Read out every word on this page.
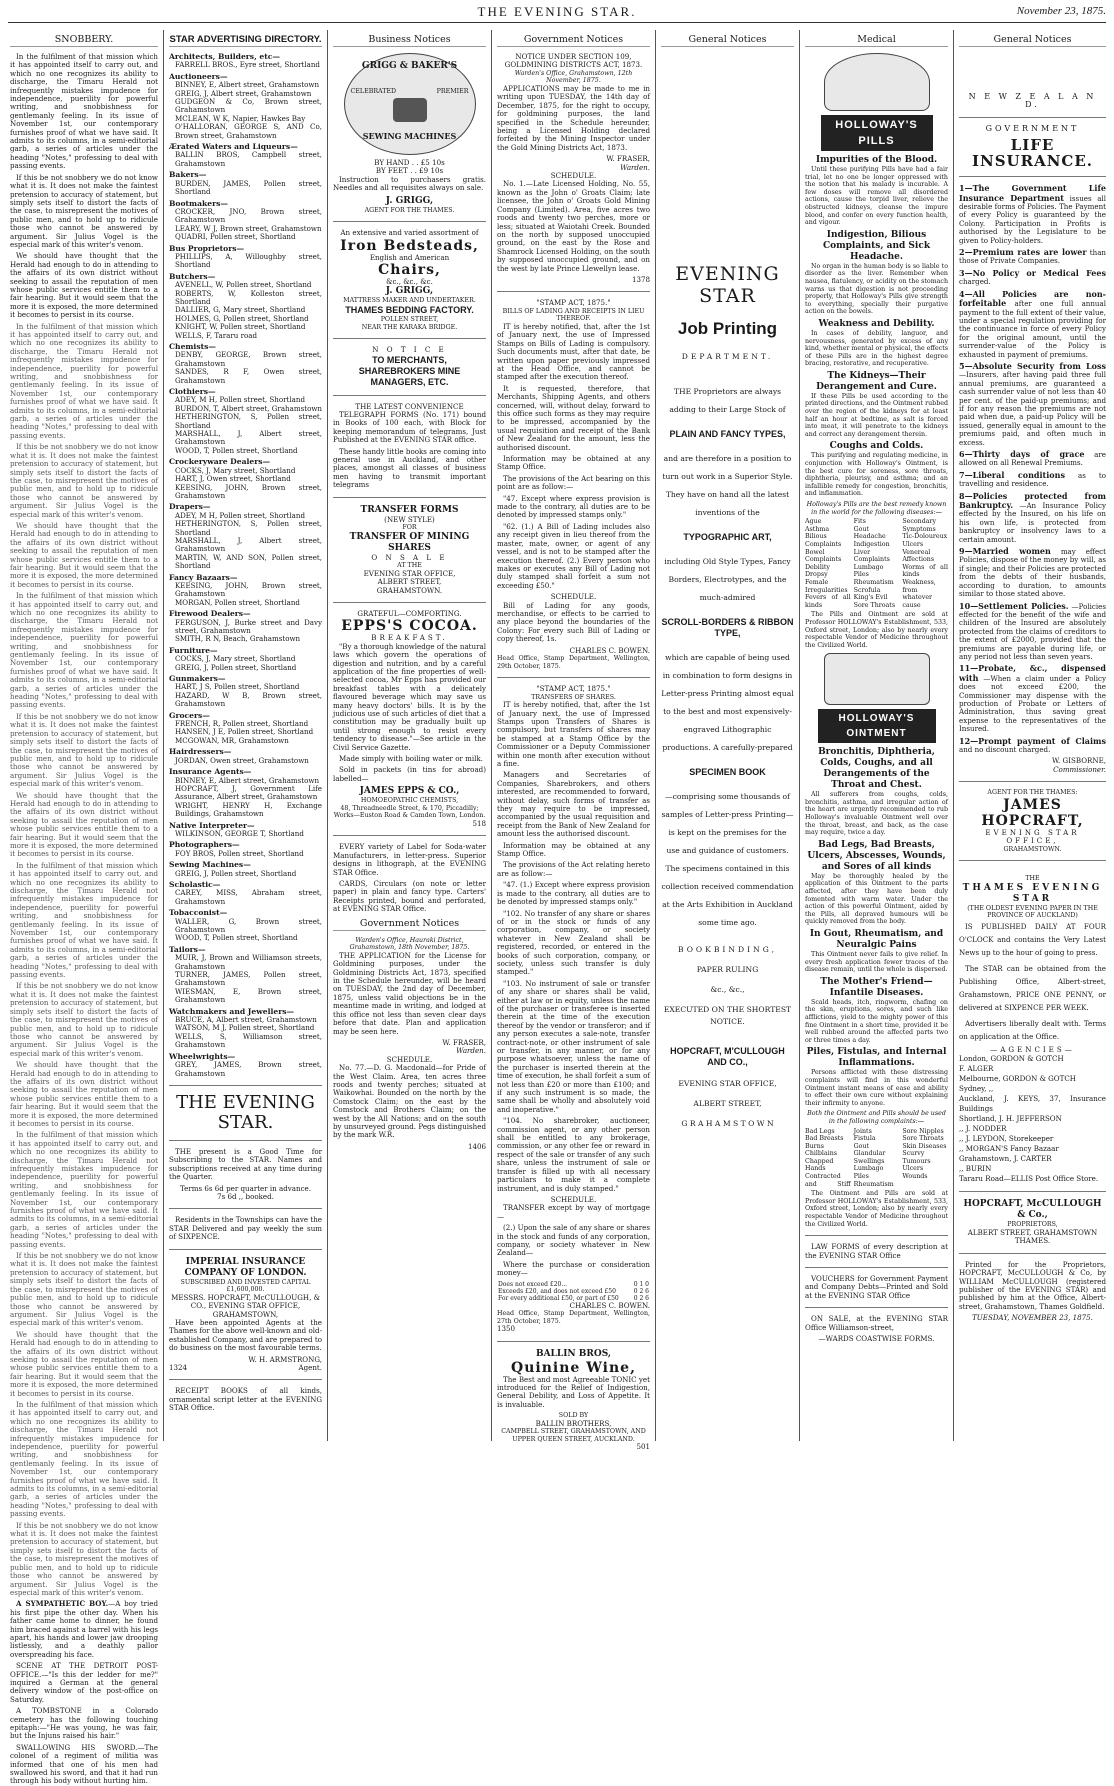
THE EVENING STAR.	November 23, 1875.
SNOBBERY.

In the fulfilment of that mission which it has appointed itself to carry out, and which no one recognizes its ability to discharge, the Timaru Herald not infrequently mistakes impudence for independence, puerility for powerful writing, and snobbishness for gentlemanly feeling. In its issue of November 1st, our contemporary furnishes proof of what we have said. It admits to its columns, in a semi-editorial garb, a series of articles under the heading "Notes," professing to deal with passing events.

If this be not snobbery we do not know what it is. It does not make the faintest pretension to accuracy of statement, but simply sets itself to distort the facts of the case, to misrepresent the motives of public men, and to hold up to ridicule those who cannot be answered by argument. Sir Julius Vogel is the especial mark of this writer's venom.

We should have thought that the Herald had enough to do in attending to the affairs of its own district without seeking to assail the reputation of men whose public services entitle them to a fair hearing. But it would seem that the more it is exposed, the more determined it becomes to persist in its course.

In the fulfilment of that mission which it has appointed itself to carry out, and which no one recognizes its ability to discharge, the Timaru Herald not infrequently mistakes impudence for independence, puerility for powerful writing, and snobbishness for gentlemanly feeling. In its issue of November 1st, our contemporary furnishes proof of what we have said. It admits to its columns, in a semi-editorial garb, a series of articles under the heading "Notes," professing to deal with passing events.

If this be not snobbery we do not know what it is. It does not make the faintest pretension to accuracy of statement, but simply sets itself to distort the facts of the case, to misrepresent the motives of public men, and to hold up to ridicule those who cannot be answered by argument. Sir Julius Vogel is the especial mark of this writer's venom.

We should have thought that the Herald had enough to do in attending to the affairs of its own district without seeking to assail the reputation of men whose public services entitle them to a fair hearing. But it would seem that the more it is exposed, the more determined it becomes to persist in its course.

In the fulfilment of that mission which it has appointed itself to carry out, and which no one recognizes its ability to discharge, the Timaru Herald not infrequently mistakes impudence for independence, puerility for powerful writing, and snobbishness for gentlemanly feeling. In its issue of November 1st, our contemporary furnishes proof of what we have said. It admits to its columns, in a semi-editorial garb, a series of articles under the heading "Notes," professing to deal with passing events.

If this be not snobbery we do not know what it is. It does not make the faintest pretension to accuracy of statement, but simply sets itself to distort the facts of the case, to misrepresent the motives of public men, and to hold up to ridicule those who cannot be answered by argument. Sir Julius Vogel is the especial mark of this writer's venom.

We should have thought that the Herald had enough to do in attending to the affairs of its own district without seeking to assail the reputation of men whose public services entitle them to a fair hearing. But it would seem that the more it is exposed, the more determined it becomes to persist in its course.

In the fulfilment of that mission which it has appointed itself to carry out, and which no one recognizes its ability to discharge, the Timaru Herald not infrequently mistakes impudence for independence, puerility for powerful writing, and snobbishness for gentlemanly feeling. In its issue of November 1st, our contemporary furnishes proof of what we have said. It admits to its columns, in a semi-editorial garb, a series of articles under the heading "Notes," professing to deal with passing events.

If this be not snobbery we do not know what it is. It does not make the faintest pretension to accuracy of statement, but simply sets itself to distort the facts of the case, to misrepresent the motives of public men, and to hold up to ridicule those who cannot be answered by argument. Sir Julius Vogel is the especial mark of this writer's venom.

We should have thought that the Herald had enough to do in attending to the affairs of its own district without seeking to assail the reputation of men whose public services entitle them to a fair hearing. But it would seem that the more it is exposed, the more determined it becomes to persist in its course.

In the fulfilment of that mission which it has appointed itself to carry out, and which no one recognizes its ability to discharge, the Timaru Herald not infrequently mistakes impudence for independence, puerility for powerful writing, and snobbishness for gentlemanly feeling. In its issue of November 1st, our contemporary furnishes proof of what we have said. It admits to its columns, in a semi-editorial garb, a series of articles under the heading "Notes," professing to deal with passing events.

If this be not snobbery we do not know what it is. It does not make the faintest pretension to accuracy of statement, but simply sets itself to distort the facts of the case, to misrepresent the motives of public men, and to hold up to ridicule those who cannot be answered by argument. Sir Julius Vogel is the especial mark of this writer's venom.

We should have thought that the Herald had enough to do in attending to the affairs of its own district without seeking to assail the reputation of men whose public services entitle them to a fair hearing. But it would seem that the more it is exposed, the more determined it becomes to persist in its course.

In the fulfilment of that mission which it has appointed itself to carry out, and which no one recognizes its ability to discharge, the Timaru Herald not infrequently mistakes impudence for independence, puerility for powerful writing, and snobbishness for gentlemanly feeling. In its issue of November 1st, our contemporary furnishes proof of what we have said. It admits to its columns, in a semi-editorial garb, a series of articles under the heading "Notes," professing to deal with passing events.

If this be not snobbery we do not know what it is. It does not make the faintest pretension to accuracy of statement, but simply sets itself to distort the facts of the case, to misrepresent the motives of public men, and to hold up to ridicule those who cannot be answered by argument. Sir Julius Vogel is the especial mark of this writer's venom.

A SYMPATHETIC BOY.—A boy tried his first pipe the other day. When his father came home to dinner, he found him braced against a barrel with his legs apart, his hands and lower jaw drooping listlessly, and a deathly pallor overspreading his face.

SCENE AT THE DETROIT POST-OFFICE.—"Is this der ledder for me?" inquired a German at the general delivery window of the post-office on Saturday.

A TOMBSTONE in a Colorado cemetery has the following touching epitaph:—"He was young, he was fair, but the Injuns raised his hair."

SWALLOWING HIS SWORD.—The colonel of a regiment of militia was informed that one of his men had swallowed his sword, and that it had run through his body without hurting him.

STAR ADVERTISING DIRECTORY.
Architects, Builders, etc—
FARRELL BROS., Eyre street, Shortland
Auctioneers—
BINNEY, E, Albert street, Grahamstown
GREIG, J, Albert street, Grahamstown
GUDGEON & Co, Brown street, Grahamstown
MCLEAN, W K, Napier, Hawkes Bay
O'HALLORAN, GEORGE S, AND Co, Brown street, Grahamstown
Ærated Waters and Liqueurs—
BALLIN BROS, Campbell street, Grahamstown
Bakers—
BURDEN, JAMES, Pollen street, Shortland
Bootmakers—
CROCKER, JNO, Brown street, Grahamstown
LEARY, W J, Brown street, Grahamstown
QUADRI, Pollen street, Shortland
Bus Proprietors—
PHILLIPS, A, Willoughby street, Shortland
Butchers—
AVENELL, W, Pollen street, Shortland
ROBERTS, W, Kolleston street, Shortland
DALLIER, G, Mary street, Shortland
HOLMES, G, Pollen street, Shortland
KNIGHT, W, Pollen street, Shortland
WELLS, F, Tararu road
Chemists—
DENBY, GEORGE, Brown street, Grahamstown
SANDES, R F, Owen street, Grahamstown
Clothiers—
ADEY, M H, Pollen street, Shortland
BURDON, T, Albert street, Grahamstown
HETHERINGTON, S, Pollen street, Shortland
MARSHALL, J, Albert street, Grahamstown
WOOD, T, Pollen street, Shortland
Crockeryware Dealers—
COCKS, J, Mary street, Shortland
HART, J, Owen street, Shortland
KEESING, JOHN, Brown street, Grahamstown
Drapers—
ADEY, M H, Pollen street, Shortland
HETHERINGTON, S, Pollen street, Shortland
MARSHALL, J, Albert street, Grahamstown
MARTIN, W, AND SON, Pollen street, Shortland
Fancy Bazaars—
KEESING, JOHN, Brown street, Grahamstown
MORGAN, Pollen street, Shortland
Firewood Dealers—
FERGUSON, J, Burke street and Davy street, Grahamstown
SMITH, R N, Beach, Grahamstown
Furniture—
COCKS, J, Mary street, Shortland
GREIG, J, Pollen street, Shortland
Gunmakers—
HART, J S, Pollen street, Shortland
HAZARD, W B, Brown street, Grahamstown
Grocers—
FRENCH, R, Pollen street, Shortland
HANSEN, J E, Pollen street, Shortland
MCGOWAN, MR, Grahamstown
Hairdressers—
JORDAN, Owen street, Grahamstown
Insurance Agents—
BINNEY, E, Albert street, Grahamstown
HOPCRAFT, J, Government Life Assurance, Albert street, Grahamstown
WRIGHT, HENRY H, Exchange Buildings, Grahamstown
Native Interpreter—
WILKINSON, GEORGE T, Shortland
Photographers—
FOY BROS, Pollen street, Shortland
Sewing Machines—
GREIG, J, Pollen street, Shortland
Scholastic—
CAREY, MISS, Abraham street, Grahamstown
Tobacconist—
WALLER, G, Brown street, Grahamstown
WOOD, T, Pollen street, Shortland
Tailors—
MUIR, J, Brown and Williamson streets, Grahamstown
TURNER, JAMES, Pollen street, Grahamstown
WIESMAN, E, Brown street, Grahamstown
Watchmakers and Jewellers—
BRUCE, A, Albert street, Grahamstown
WATSON, M J, Pollen street, Shortland
WELLS, S, Williamson street, Grahamstown
Wheelwrights—
GREY, JAMES, Brown street, Grahamstown
THE EVENING STAR.

THE present is a Good Time for Subscribing to the STAR. Names and subscriptions received at any time during the Quarter.

Terms 6s 6d per quarter in advance.
7s 6d ,, booked.

Residents in the Townships can have the STAR Delivered and pay weekly the sum of SIXPENCE.

IMPERIAL INSURANCE COMPANY OF LONDON.
SUBSCRIBED AND INVESTED CAPITAL £1,600,000.
MESSRS. HOPCRAFT, McCULLOUGH, & CO., EVENING STAR OFFICE, GRAHAMSTOWN,

Have been appointed Agents at the Thames for the above well-known and old-established Company, and are prepared to do business on the most favourable terms.

W. H. ARMSTRONG,
1324	Agent.

RECEIPT BOOKS of all kinds, ornamental script letter at the EVENING STAR Office.

Business Notices
GRIGG & BAKER'S
CELEBRATED	PREMIER
SEWING MACHINES
BY HAND . . £5 10s
BY FEET . . £9 10s

Instruction to purchasers gratis. Needles and all requisites always on sale.

J. GRIGG,
AGENT FOR THE THAMES.
An extensive and varied assortment of
Iron Bedsteads,
English and American
Chairs,
&c., &c., &c.
J. GRIGG,
MATTRESS MAKER AND UNDERTAKER.
THAMES BEDDING FACTORY.
POLLEN STREET,
NEAR THE KARAKA BRIDGE.
N O T I C E
TO MERCHANTS, SHAREBROKERS MINE MANAGERS, ETC.
THE LATEST CONVENIENCE

TELEGRAPH FORMS (No. 171) bound in Books of 100 each, with Block for keeping memorandum of telegrams, Just Published at the EVENING STAR office.

These handy little books are coming into general use in Auckland, and other places, amongst all classes of business men having to transmit important telegrams

TRANSFER FORMS
(NEW STYLE)
FOR
TRANSFER OF MINING
SHARES
O N S A L E
AT THE
EVENING STAR OFFICE,
ALBERT STREET,
GRAHAMSTOWN.
GRATEFUL—COMFORTING.
EPPS'S COCOA.
BREAKFAST.

"By a thorough knowledge of the natural laws which govern the operations of digestion and nutrition, and by a careful application of the fine properties of well-selected cocoa, Mr Epps has provided our breakfast tables with a delicately flavoured beverage which may save us many heavy doctors' bills. It is by the judicious use of such articles of diet that a constitution may be gradually built up until strong enough to resist every tendency to disease."—See article in the Civil Service Gazette.

Made simply with boiling water or milk.

Sold in packets (in tins for abroad) labelled—

JAMES EPPS & CO.,
HOMOEOPATHIC CHEMISTS,
48, Threadneedle Street, & 170, Piccadilly; Works—Euston Road & Camden Town, London.
518

EVERY variety of Label for Soda-water Manufacturers, in letter-press. Superior designs in lithograph, at the EVENING STAR Office.

CARDS, Circulars (on note or letter paper) in plain and fancy type. Carters' Receipts printed, bound and perforated, at EVENING STAR Office.

Government Notices
Warden's Office, Hauraki District, Grahamstown, 18th November, 1875.

THE APPLICATION for the License for Goldmining purposes, under the Goldmining Districts Act, 1873, specified in the Schedule hereunder, will be heard on TUESDAY, the 2nd day of December, 1875, unless valid objections be in the meantime made in writing, and lodged at this office not less than seven clear days before that date. Plan and application may be seen here.

W. FRASER,
Warden.
SCHEDULE.

No. 77.—D. G. Macdonald—for Pride of the West Claim. Area, ten acres three roods and twenty perches; situated at Waikowhai. Bounded on the north by the Comstock Claim; on the east by the Comstock and Brothers Claim; on the west by the All Nations; and on the south by unsurveyed ground. Pegs distinguished by the mark W.R.

1406
Government Notices
NOTICE UNDER SECTION 109, GOLDMINING DISTRICTS ACT, 1873.
Warden's Office, Grahamstown, 12th November, 1875.

APPLICATIONS may be made to me in writing upon TUESDAY, the 14th day of December, 1875, for the right to occupy, for goldmining purposes, the land specified in the Schedule hereunder, being a Licensed Holding declared forfeited by the Mining Inspector under the Gold Mining Districts Act, 1873.

W. FRASER,
Warden.
SCHEDULE.

No. 1.—Late Licensed Holding, No. 55, known as the John o' Groats Claim; late licensee, the John o' Groats Gold Mining Company (Limited). Area, five acres two roods and twenty two perches, more or less; situated at Waiotahi Creek. Bounded on the north by supposed unoccupied ground, on the east by the Rose and Shamrock Licensed Holding, on the south by supposed unoccupied ground, and on the west by late Prince Llewellyn lease.

1378
"STAMP ACT, 1875."
BILLS OF LADING AND RECEIPTS IN LIEU THEREOF.

IT is hereby notified, that, after the 1st of January next, the use of Impressed Stamps on Bills of Lading is compulsory. Such documents must, after that date, be written upon paper previously impressed at the Head Office, and cannot be stamped after the execution thereof.

It is requested, therefore, that Merchants, Shipping Agents, and others concerned, will, without delay, forward to this office such forms as they may require to be impressed, accompanied by the usual requisition and receipt of the Bank of New Zealand for the amount, less the authorised discount.

Information may be obtained at any Stamp Office.

The provisions of the Act bearing on this point are as follow:—

"47. Except where express provision is made to the contrary, all duties are to be denoted by impressed stamps only."

"62. (1.) A Bill of Lading includes also any receipt given in lieu thereof from the master, mate, owner, or agent of any vessel, and is not to be stamped after the execution thereof. (2.) Every person who makes or executes any Bill of Lading not duly stamped shall forfeit a sum not exceeding £50."

SCHEDULE.

Bill of Lading for any goods, merchandise, or effects to be carried to any place beyond the boundaries of the Colony: For every such Bill of Lading or copy thereof, 1s.

CHARLES C. BOWEN.
Head Office, Stamp Department, Wellington, 29th October, 1875.
"STAMP ACT, 1875."
TRANSFERS OF SHARES.

IT is hereby notified, that, after the 1st of January next, the use of Impressed Stamps upon Transfers of Shares is compulsory, but transfers of shares may be stamped at a Stamp Office by the Commissioner or a Deputy Commissioner within one month after execution without a fine.

Managers and Secretaries of Companies, Sharebrokers, and others interested, are recommended to forward, without delay, such forms of transfer as they may require to be impressed, accompanied by the usual requisition and receipt from the Bank of New Zealand for amount less the authorised discount.

Information may be obtained at any Stamp Office.

The provisions of the Act relating hereto are as follow:—

"47. (1.) Except where express provision is made to the contrary, all duties are to be denoted by impressed stamps only."

"102. No transfer of any share or shares of or in the stock or funds of any corporation, company, or society whatever in New Zealand shall be registered, recorded, or entered in the books of such corporation, company, or society, unless such transfer is duly stamped."

"103. No instrument of sale or transfer of any share or shares shall be valid, either at law or in equity, unless the name of the purchaser or transferee is inserted therein at the time of the execution thereof by the vendor or transferor; and if any person executes a sale-note, transfer contract-note, or other instrument of sale or transfer, in any manner, or for any purpose whatsoever, unless the name of the purchaser is inserted therein at the time of execution, he shall forfeit a sum of not less than £20 or more than £100; and if any such instrument is so made, the same shall be wholly and absolutely void and inoperative."

"104. No sharebroker, auctioneer, commission agent, or any other person shall be entitled to any brokerage, commission, or any other fee or reward in respect of the sale or transfer of any such share, unless the instrument of sale or transfer is filled up with all necessary particulars to make it a complete instrument, and is duly stamped."

SCHEDULE.

TRANSFER except by way of mortgage—

(2.) Upon the sale of any share or shares in the stock and funds of any corporation, company, or society whatever in New Zealand—

Where the purchase or consideration money—

Does not exceed £20...	0 1 0
Exceeds £20, and does not exceed £50	0 2 6
For every additional £50, or part of £50	0 2 6
CHARLES C. BOWEN.
Head Office, Stamp Department, Wellington, 27th October, 1875.
1350
BALLIN BROS,
Quinine Wine,

The Best and most Agreeable TONIC yet introduced for the Relief of Indigestion, General Debility, and Loss of Appetite. It is invaluable.

SOLD BY
BALLIN BROTHERS,
CAMPBELL STREET, GRAHAMSTOWN, AND UPPER QUEEN STREET, AUCKLAND.
501
General Notices
EVENING STAR
Job Printing
DEPARTMENT.

THE Proprietors are always adding to their Large Stock of

PLAIN AND FANCY TYPES,

and are therefore in a position to turn out work in a Superior Style. They have on hand all the latest inventions of the

TYPOGRAPHIC ART,

including Old Style Types, Fancy Borders, Electrotypes, and the much-admired

SCROLL-BORDERS & RIBBON TYPE,

which are capable of being used in combination to form designs in Letter-press Printing almost equal to the best and most expensively-engraved Lithographic productions. A carefully-prepared

SPECIMEN BOOK

—comprising some thousands of samples of Letter-press Printing—is kept on the premises for the use and guidance of customers. The specimens contained in this collection received commendation at the Arts Exhibition in Auckland some time ago.

BOOKBINDING,
PAPER RULING
&c., &c.,
EXECUTED ON THE SHORTEST NOTICE.
HOPCRAFT, M'CULLOUGH AND CO.,
EVENING STAR OFFICE,
ALBERT STREET,
G R A H A M S T O W N
Medical
HOLLOWAY'S PILLS
Impurities of the Blood.

Until these purifying Pills have had a fair trial, let no one be longer oppressed with the notion that his malady is incurable. A few doses will remove all disordered actions, cause the torpid liver, relieve the obstructed kidneys, cleanse the impure blood, and confer on every function health, and vigour.

Indigestion, Bilious Complaints, and Sick Headache.

No organ in the human body is so liable to disorder as the liver. Remember when nausea, flatulency, or acidity on the stomach warns us that digestion is not proceeding properly, that Holloway's Pills give strength to everything, specially their purgative action on the bowels.

Weakness and Debility.

In cases of debility, languor, and nervousness, generated by excess of any kind, whether mental or physical, the effects of these Pills are in the highest degree bracing, restorative, and recuperative.

The Kidneys—Their Derangement and Cure.

If these Pills be used according to the printed directions, and the Ointment rubbed over the region of the kidneys for at least half an hour at bedtime, as salt is forced into meat, it will penetrate to the kidneys and correct any derangement therein.

Coughs and Colds.

This purifying and regulating medicine, in conjunction with Holloway's Ointment, is the best cure for soreness, sore throats, diphtheria, pleurisy, and asthma; and an infallible remedy for congestion, bronchitis, and inflammation.

Holloway's Pills are the best remedy known in the world for the following diseases:—
Ague
Asthma
Bilious Complaints
Bowel Complaints
Debility
Dropsy
Female Irregularities
Fevers of all kinds
Fits
Gout
Headache
Indigestion
Liver Complaints
Lumbago
Piles
Rheumatism
Scrofula
King's Evil
Sore Throats
Secondary Symptoms
Tic-Doloureux
Ulcers
Venereal Affections
Worms of all kinds
Weakness, from whatever cause

The Pills and Ointment are sold at Professor HOLLOWAY's Establishment, 533, Oxford street, London; also by nearly every respectable Vendor of Medicine throughout the Civilized World.

HOLLOWAY'S OINTMENT
Bronchitis, Diphtheria, Colds, Coughs, and all Derangements of the Throat and Chest.

All sufferers from coughs, colds, bronchitis, asthma, and irregular action of the heart are urgently recommended to rub Holloway's invaluable Ointment well over the throat, breast, and back, as the case may require, twice a day.

Bad Legs, Bad Breasts, Ulcers, Abscesses, Wounds, and Sores of all kinds

May be thoroughly healed by the application of this Ointment to the parts affected, after they have been duly fomented with warm water. Under the action of this powerful Ointment, aided by the Pills, all depraved humours will be quickly removed from the body.

In Gout, Rheumatism, and Neuralgic Pains

This Ointment never fails to give relief. In every fresh application fewer traces of the disease remain, until the whole is dispersed.

The Mother's Friend—Infantile Diseases.

Scald heads, itch, ringworm, chafing on the skin, eruptions, sores, and such like afflictions, yield to the mighty power of this fine Ointment in a short time, provided it be well rubbed around the affected parts two or three times a day.

Piles, Fistulas, and Internal Inflammations.

Persons afflicted with these distressing complaints will find in this wonderful Ointment instant means of ease and ability to effect their own cure without explaining their infirmity to anyone.

Both the Ointment and Pills should be used in the following complaints:—
Bad Legs
Bad Breasts
Burns
Chilblains
Chapped Hands
Contracted and Stiff Joints
Fistula
Gout
Glandular Swellings
Lumbago
Piles
Rheumatism
Sore Nipples
Sore Throats
Skin Diseases
Scurvy
Tumours
Ulcers
Wounds

The Ointment and Pills are sold at Professor HOLLOWAY's Establishment, 533, Oxford street, London; also by nearly every respectable Vendor of Medicine throughout the Civilized World.

LAW FORMS of every description at the EVENING STAR Office

VOUCHERS for Government Payment and Company Debts—Printed and Sold at the EVENING STAR Office

ON SALE, at the EVENING STAR Office Williamson-street,

—WARDS COASTWISE FORMS.
General Notices
N E W Z E A L A N D.
GOVERNMENT
LIFE INSURANCE.

1—The Government Life Insurance Department issues all desirable forms of Policies. The Payment of every Policy is guaranteed by the Colony. Participation in Profits is authorised by the Legislature to be given to Policy-holders.

2—Premium rates are lower than those of Private Companies.

3—No Policy or Medical Fees charged.

4—All Policies are non-forfeitable after one full annual payment to the full extent of their value, under a special regulation providing for the continuance in force of every Policy for the original amount, until the surrender-value of the Policy is exhausted in payment of premiums.

5—Absolute Security from Loss —Insurers, after having paid three full annual premiums, are guaranteed a cash surrender value of not less than 40 per cent. of the paid-up premiums; and if for any reason the premiums are not paid when due, a paid-up Policy will be issued, generally equal in amount to the premiums paid, and often much in excess.

6—Thirty days of grace are allowed on all Renewal Premiums.

7—Liberal conditions as to travelling and residence.

8—Policies protected from Bankruptcy. —An Insurance Policy effected by the Insured, on his life on his own life, is protected from bankruptcy or insolvency laws to a certain amount.

9—Married women may effect Policies, dispose of the money by will, as if single; and their Policies are protected from the debts of their husbands, according to duration, to amounts similar to those stated above.

10—Settlement Policies. —Policies effected for the benefit of the wife and children of the Insured are absolutely protected from the claims of creditors to the extent of £2000, provided that the premiums are payable during life, or any period not less than seven years.

11—Probate, &c., dispensed with —When a claim under a Policy does not exceed £200, the Commissioner may dispense with the production of Probate or Letters of Administration, thus saving great expense to the representatives of the Insured.

12—Prompt payment of Claims and no discount charged.

W. GISBORNE,
Commissioner.
AGENT FOR THE THAMES:
JAMES HOPCRAFT,
EVENING STAR OFFICE,
GRAHAMSTOWN.
THE
THAMES EVENING STAR
(THE OLDEST EVENING PAPER IN THE PROVINCE OF AUCKLAND)

IS PUBLISHED DAILY AT FOUR O'CLOCK and contains the Very Latest News up to the hour of going to press.

The STAR can be obtained from the Publishing Office, Albert-street, Grahamstown, PRICE ONE PENNY, or delivered at SIXPENCE PER WEEK.

Advertisers liberally dealt with. Terms on application at the Office.

—AGENCIES—
London, GORDON & GOTCH
F. ALGER
Melbourne, GORDON & GOTCH
Sydney, ,,
Auckland, J. KEYS, 37, Insurance Buildings
Shortland, J. H. JEFFERSON
,, J. NODDER
,, J. LEYDON, Storekeeper
,, MORGAN'S Fancy Bazaar
Grahamstown, J. CARTER
,, BURIN
Tararu Road—ELLIS Post Office Store.
HOPCRAFT, McCULLOUGH & Co.,
PROPRIETORS,
ALBERT STREET, GRAHAMSTOWN THAMES.

Printed for the Proprietors, HOPCRAFT, McCULLOUGH & Co, by WILLIAM McCULLOUGH (registered publisher of the EVENING STAR) and published by him at the Office, Albert-street, Grahamstown, Thames Goldfield.

TUESDAY, NOVEMBER 23, 1875.
